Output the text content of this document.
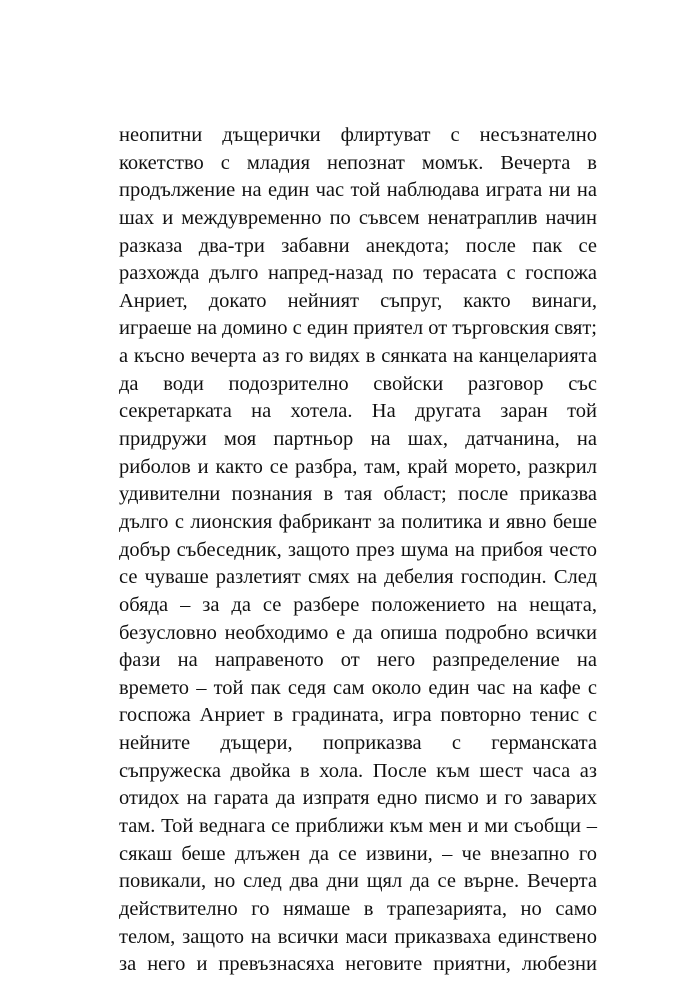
неопитни дъщерички флиртуват с несъзнателно
кокетство с младия непознат момък. Вечерта в
продължение на един час той наблюдава играта ни на
шах и междувременно по съвсем ненатраплив начин
разказа два-три забавни анекдота; после пак се
разхожда дълго напред-назад по терасата с госпожа
Анриет, докато нейният съпруг, както винаги,
играеше на домино с един приятел от търговския свят;
а късно вечерта аз го видях в сянката на канцеларията
да води подозрително свойски разговор със
секретарката на хотела. На другата заран той
придружи моя партньор на шах, датчанина, на
риболов и както се разбра, там, край морето, разкрил
удивителни познания в тая област; после приказва
дълго с лионския фабрикант за политика и явно беше
добър събеседник, защото през шума на прибоя често
се чуваше разлетият смях на дебелия господин. След
обяда – за да се разбере положението на нещата,
безусловно необходимо е да опиша подробно всички
фази на направеното от него разпределение на
времето – той пак седя сам около един час на кафе с
госпожа Анриет в градината, игра повторно тенис с
нейните дъщери, поприказва с германската
съпружеска двойка в хола. После към шест часа аз
отидох на гарата да изпратя едно писмо и го заварих
там. Той веднага се приближи към мен и ми съобщи –
сякаш беше длъжен да се извини, – че внезапно го
повикали, но след два дни щял да се върне. Вечерта
действително го нямаше в трапезарията, но само
телом, защото на всички маси приказваха единствено
за него и превъзнасяха неговите приятни, любезни
